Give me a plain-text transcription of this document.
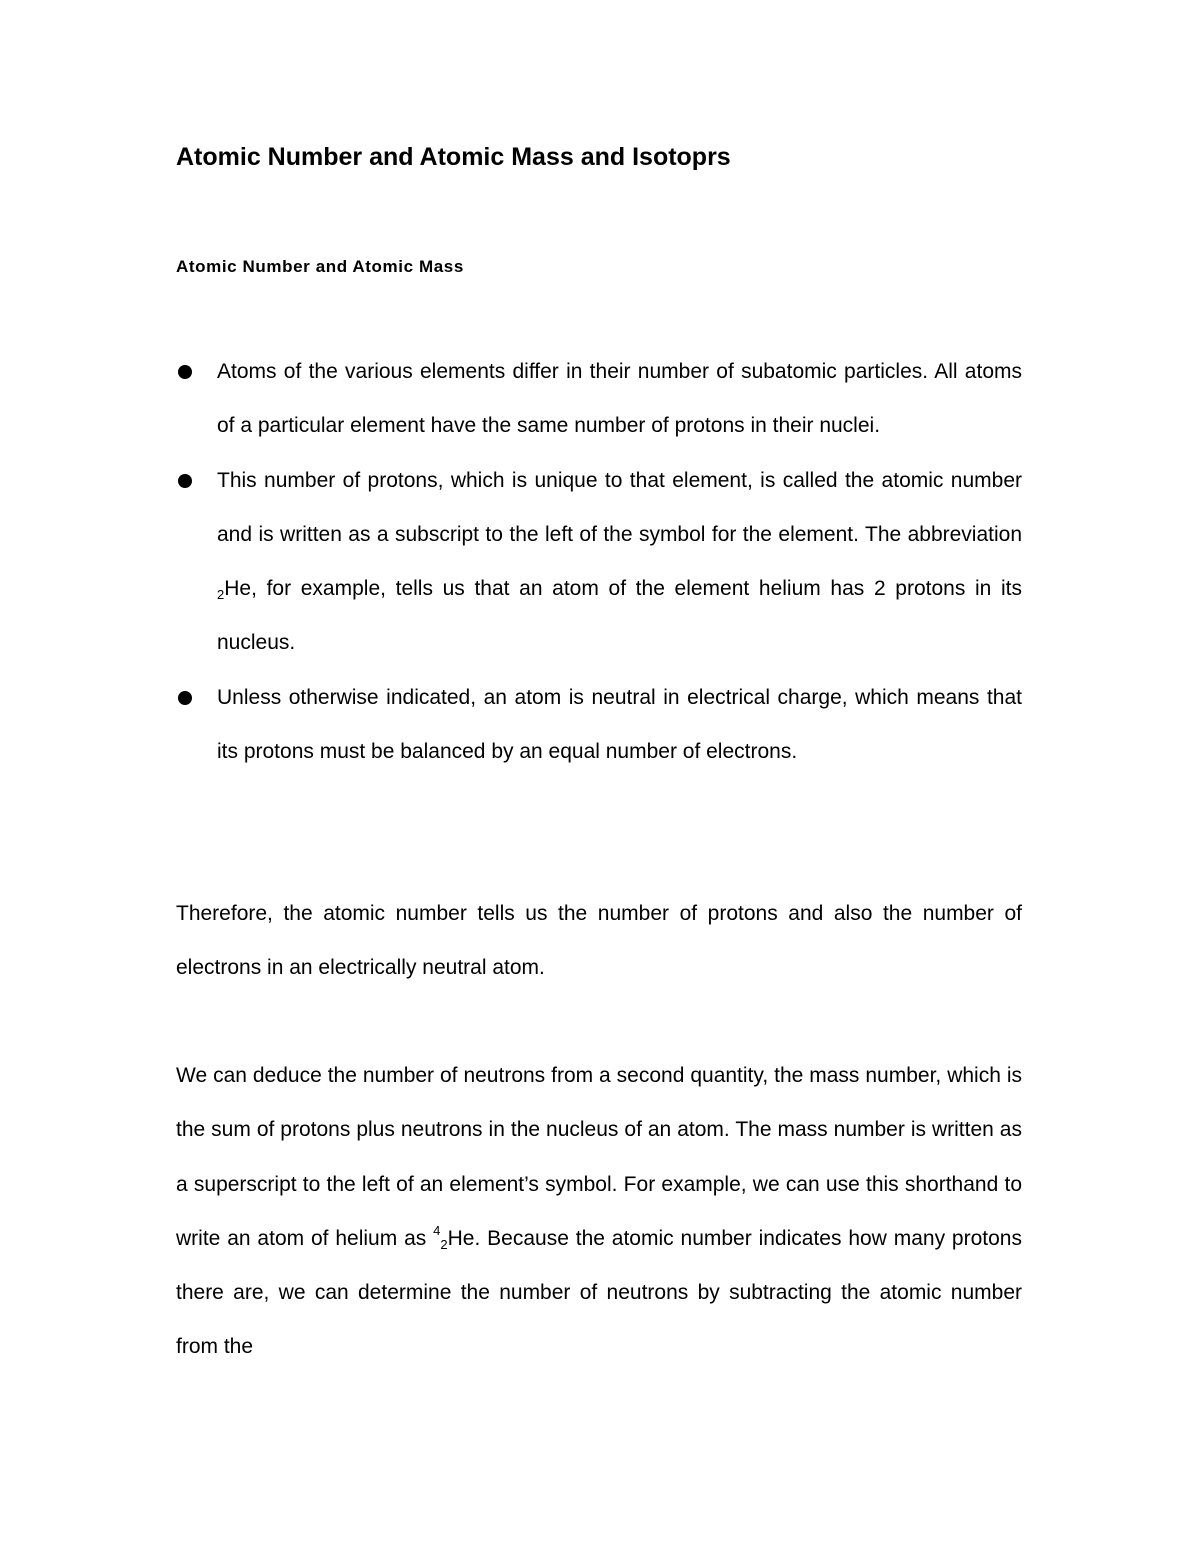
Atomic Number and Atomic Mass and Isotoprs
Atomic Number and Atomic Mass
Atoms of the various elements differ in their number of subatomic particles. All atoms of a particular element have the same number of protons in their nuclei.
This number of protons, which is unique to that element, is called the atomic number and is written as a subscript to the left of the symbol for the element. The abbreviation $_2$He, for example, tells us that an atom of the element helium has 2 protons in its nucleus.
Unless otherwise indicated, an atom is neutral in electrical charge, which means that its protons must be balanced by an equal number of electrons.

Therefore, the atomic number tells us the number of protons and also the number of electrons in an electrically neutral atom.

We can deduce the number of neutrons from a second quantity, the mass number, which is the sum of protons plus neutrons in the nucleus of an atom. The mass number is written as a superscript to the left of an element’s symbol. For example, we can use this shorthand to write an atom of helium as $^4_2$He. Because the atomic number indicates how many protons there are, we can determine the number of neutrons by subtracting the atomic number from the
